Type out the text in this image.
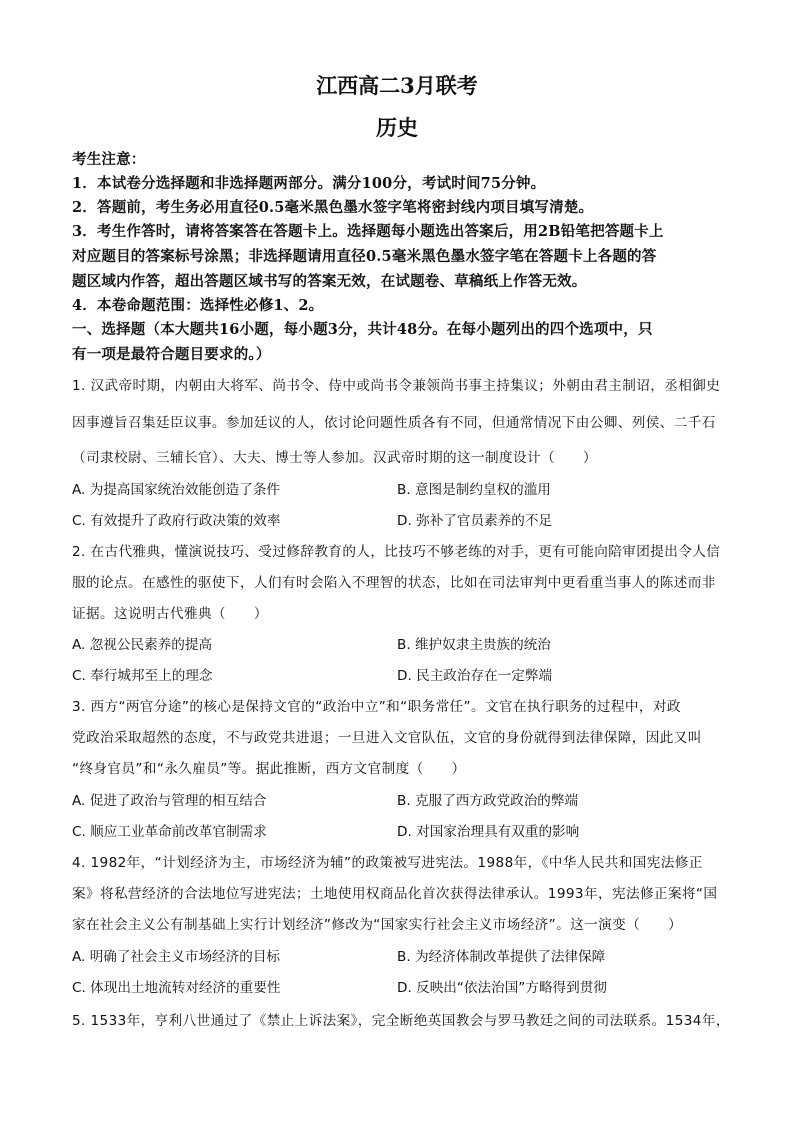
江西高二3月联考
历史
考生注意：
1．本试卷分选择题和非选择题两部分。满分100分，考试时间75分钟。
2．答题前，考生务必用直径0.5毫米黑色墨水签字笔将密封线内项目填写清楚。
3．考生作答时，请将答案答在答题卡上。选择题每小题选出答案后，用2B铅笔把答题卡上
对应题目的答案标号涂黑；非选择题请用直径0.5毫米黑色墨水签字笔在答题卡上各题的答
题区域内作答，超出答题区域书写的答案无效，在试题卷、草稿纸上作答无效。
4．本卷命题范围：选择性必修1、2。
一、选择题（本大题共16小题，每小题3分，共计48分。在每小题列出的四个选项中，只
有一项是最符合题目要求的。）
1. 汉武帝时期，内朝由大将军、尚书令、侍中或尚书令兼领尚书事主持集议；外朝由君主制诏，丞相御史
因事遵旨召集廷臣议事。参加廷议的人，依讨论问题性质各有不同，但通常情况下由公卿、列侯、二千石
（司隶校尉、三辅长官）、大夫、博士等人参加。汉武帝时期的这一制度设计（　　）
A. 为提高国家统治效能创造了条件	B. 意图是制约皇权的滥用
C. 有效提升了政府行政决策的效率	D. 弥补了官员素养的不足
2. 在古代雅典，懂演说技巧、受过修辞教育的人，比技巧不够老练的对手，更有可能向陪审团提出令人信
服的论点。在感性的驱使下，人们有时会陷入不理智的状态，比如在司法审判中更看重当事人的陈述而非
证据。这说明古代雅典（　　）
A. 忽视公民素养的提高	B. 维护奴隶主贵族的统治
C. 奉行城邦至上的理念	D. 民主政治存在一定弊端
3. 西方“两官分途”的核心是保持文官的“政治中立”和“职务常任”。文官在执行职务的过程中，对政
党政治采取超然的态度，不与政党共进退；一旦进入文官队伍，文官的身份就得到法律保障，因此又叫
“终身官员”和“永久雇员”等。据此推断，西方文官制度（　　）
A. 促进了政治与管理的相互结合	B. 克服了西方政党政治的弊端
C. 顺应工业革命前改革官制需求	D. 对国家治理具有双重的影响
4. 1982年，“计划经济为主，市场经济为辅”的政策被写进宪法。1988年，《中华人民共和国宪法修正
案》将私营经济的合法地位写进宪法；土地使用权商品化首次获得法律承认。1993年，宪法修正案将“国
家在社会主义公有制基础上实行计划经济”修改为“国家实行社会主义市场经济”。这一演变（　　）
A. 明确了社会主义市场经济的目标	B. 为经济体制改革提供了法律保障
C. 体现出土地流转对经济的重要性	D. 反映出“依法治国”方略得到贯彻
5. 1533年，亨利八世通过了《禁止上诉法案》，完全断绝英国教会与罗马教廷之间的司法联系。1534年，
